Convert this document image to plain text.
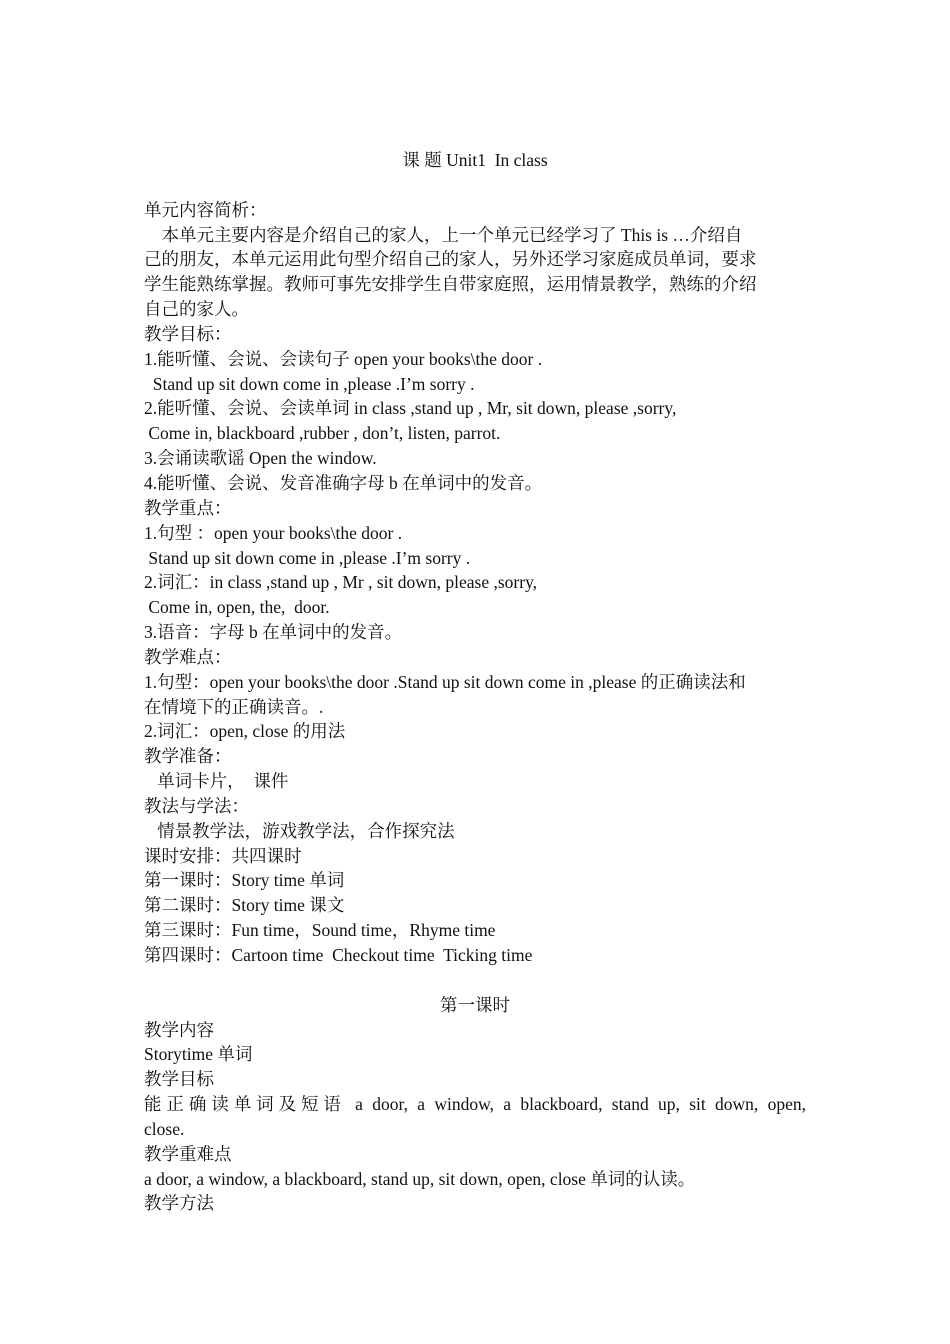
课 题 Unit1  In class
单元内容简析：
本单元主要内容是介绍自己的家人，上一个单元已经学习了 This is …介绍自
己的朋友，本单元运用此句型介绍自己的家人，另外还学习家庭成员单词，要求
学生能熟练掌握。教师可事先安排学生自带家庭照，运用情景教学，熟练的介绍
自己的家人。
教学目标：
1.能听懂、会说、会读句子 open your books\the door .
Stand up sit down come in ,please .I’m sorry .
2.能听懂、会说、会读单词 in class ,stand up , Mr, sit down, please ,sorry,
Come in, blackboard ,rubber , don’t, listen, parrot.
3.会诵读歌谣 Open the window.
4.能听懂、会说、发音准确字母 b 在单词中的发音。
教学重点：
1.句型 ：open your books\the door .
Stand up sit down come in ,please .I’m sorry .
2.词汇：in class ,stand up , Mr , sit down, please ,sorry,
Come in, open, the,  door.
3.语音：字母 b 在单词中的发音。
教学难点：
1.句型：open your books\the door .Stand up sit down come in ,please 的正确读法和
在情境下的正确读音。.
2.词汇：open, close 的用法
教学准备：
单词卡片，  课件
教法与学法：
情景教学法，游戏教学法，合作探究法
课时安排：共四课时
第一课时：Story time 单词
第二课时：Story time 课文
第三课时：Fun time，Sound time，Rhyme time
第四课时：Cartoon time  Checkout time  Ticking time
第一课时
教学内容
Storytime 单词
教学目标
能正确读单词及短语 a door, a window, a blackboard, stand up, sit down, open,
close.
教学重难点
a door, a window, a blackboard, stand up, sit down, open, close 单词的认读。
教学方法
